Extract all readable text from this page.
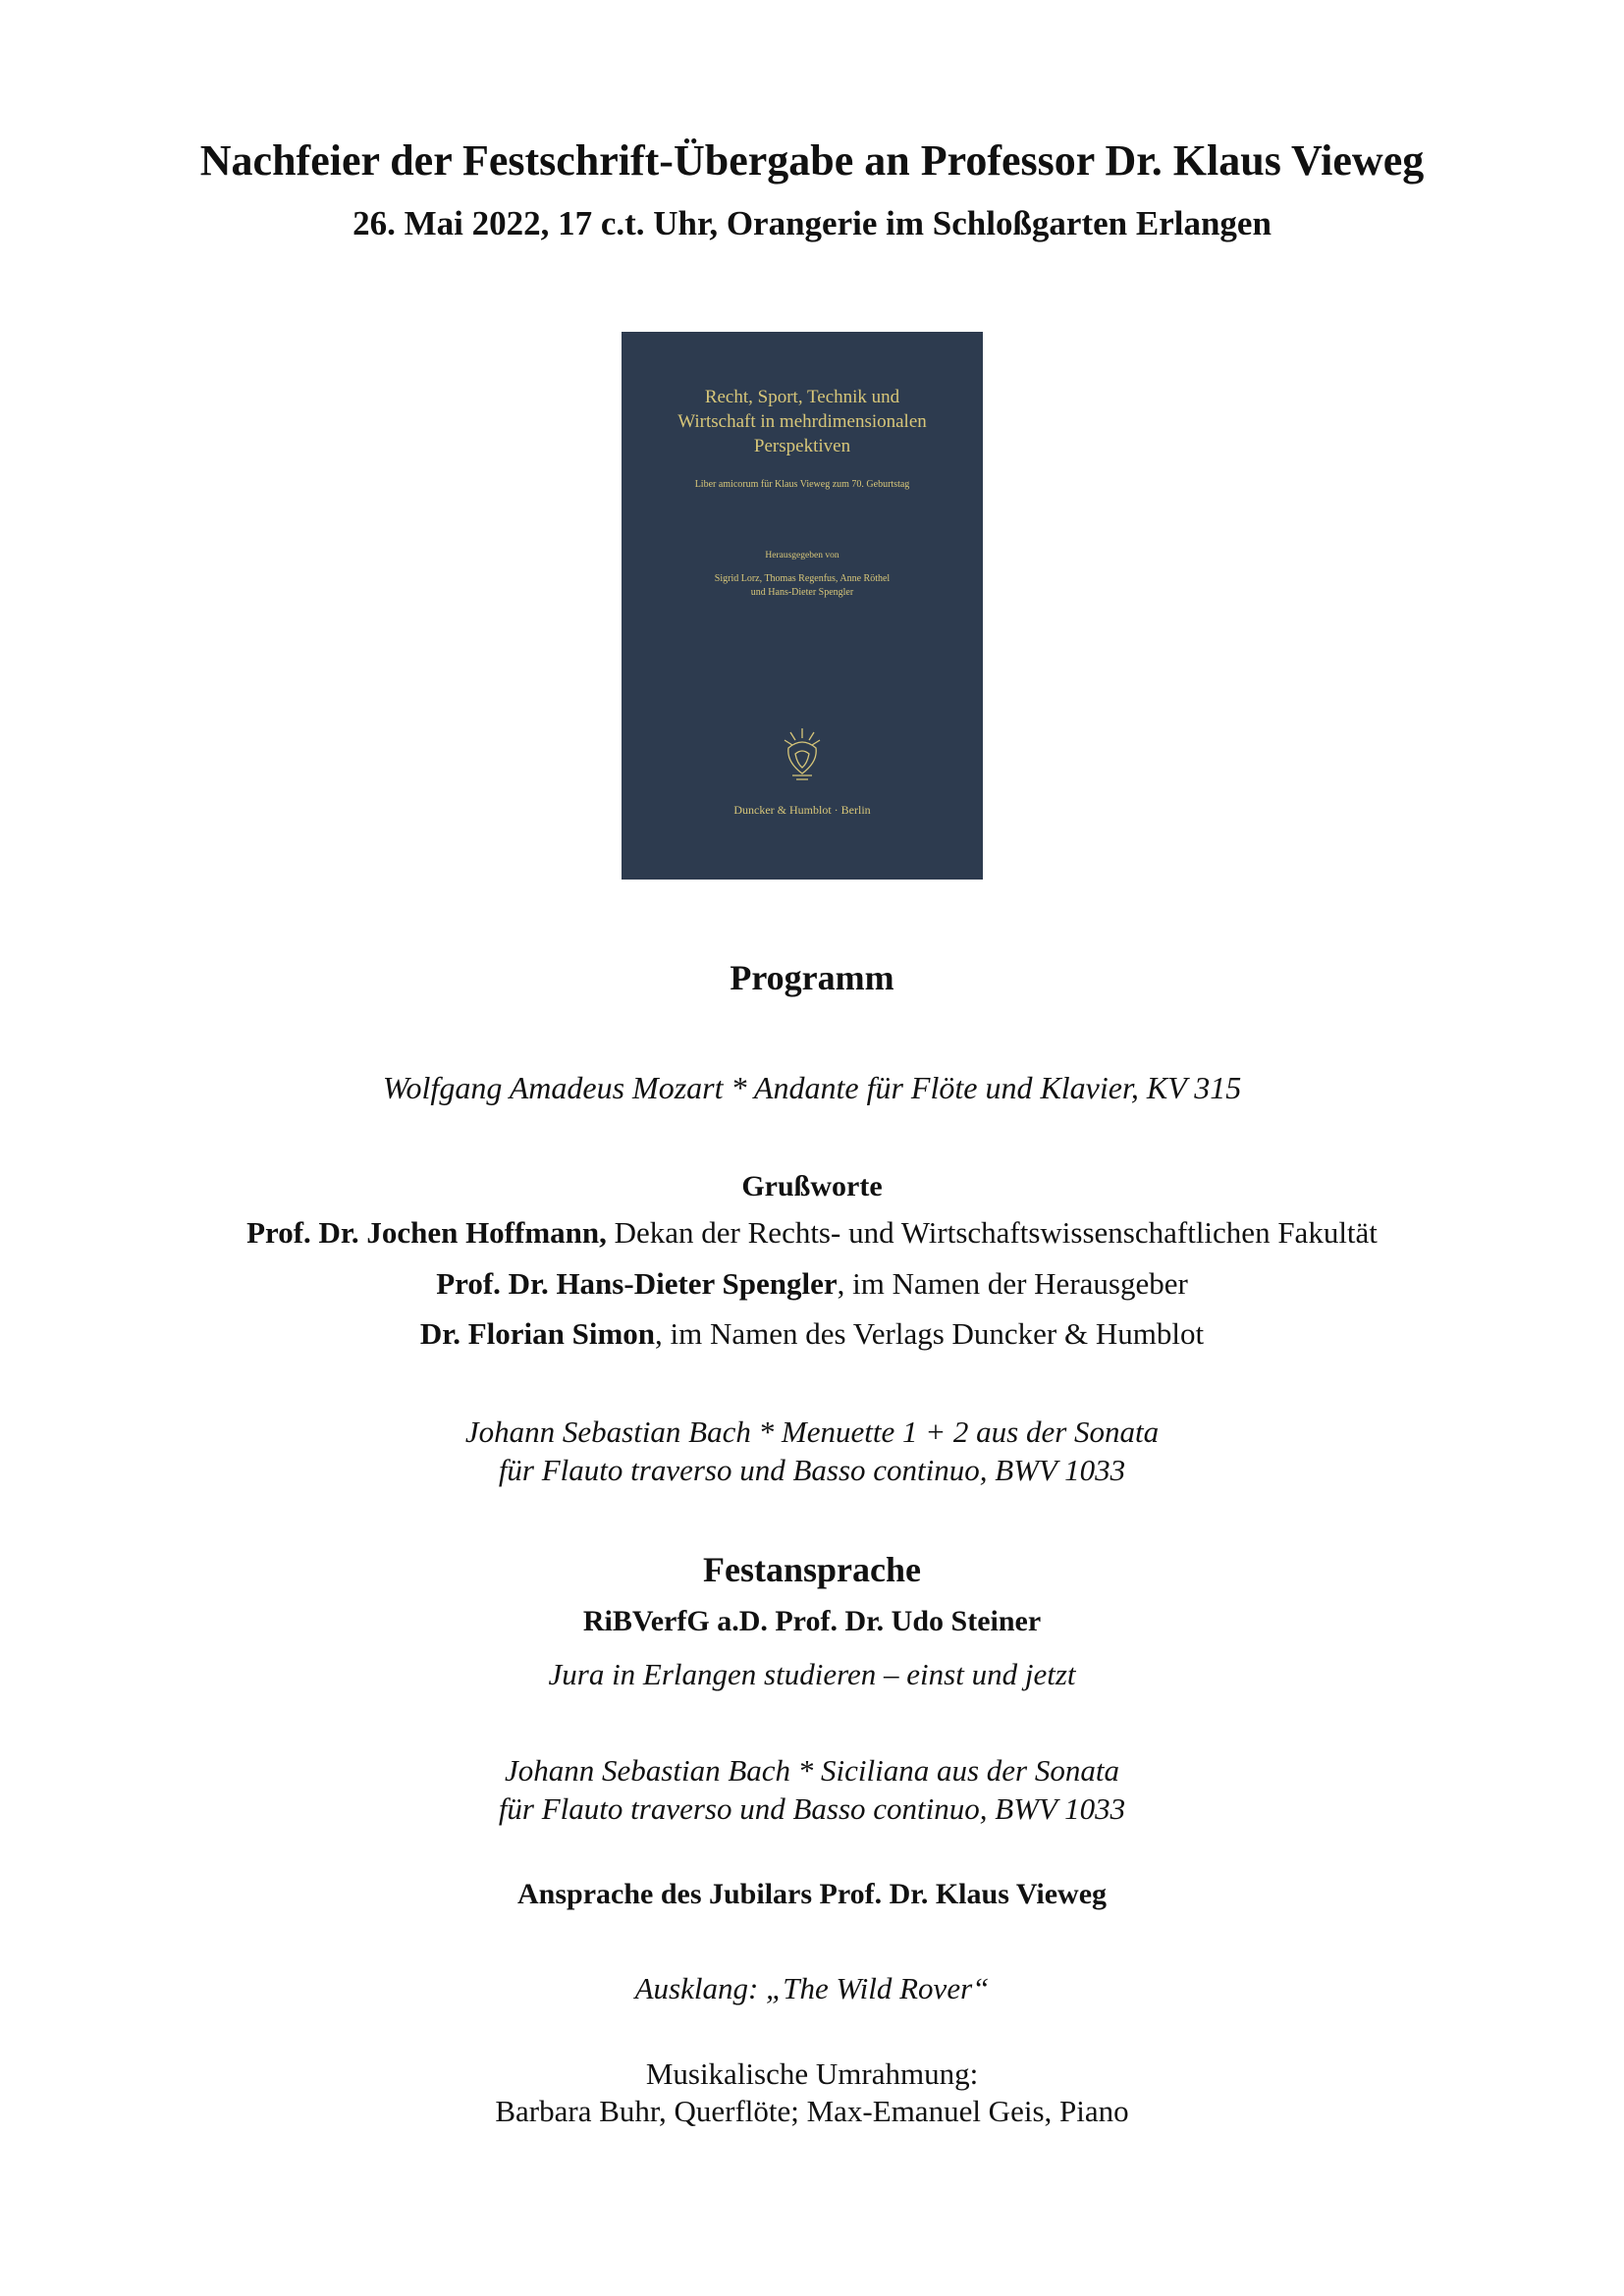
Nachfeier der Festschrift-Übergabe an Professor Dr. Klaus Vieweg

26. Mai 2022, 17 c.t. Uhr, Orangerie im Schloßgarten Erlangen

Recht, Sport, Technik und
Wirtschaft in mehrdimensionalen
Perspektiven
Liber amicorum für Klaus Vieweg zum 70. Geburtstag
Herausgegeben von
Sigrid Lorz, Thomas Regenfus, Anne Röthel
und Hans-Dieter Spengler
Duncker & Humblot · Berlin

Programm

Wolfgang Amadeus Mozart * Andante für Flöte und Klavier, KV 315

Grußworte

Prof. Dr. Jochen Hoffmann, Dekan der Rechts- und Wirtschaftswissenschaftlichen Fakultät

Prof. Dr. Hans-Dieter Spengler, im Namen der Herausgeber

Dr. Florian Simon, im Namen des Verlags Duncker & Humblot

Johann Sebastian Bach * Menuette 1 + 2 aus der Sonata

für Flauto traverso und Basso continuo, BWV 1033

Festansprache

RiBVerfG a.D. Prof. Dr. Udo Steiner

Jura in Erlangen studieren – einst und jetzt

Johann Sebastian Bach * Siciliana aus der Sonata

für Flauto traverso und Basso continuo, BWV 1033

Ansprache des Jubilars Prof. Dr. Klaus Vieweg

Ausklang: „The Wild Rover“

Musikalische Umrahmung:

Barbara Buhr, Querflöte; Max-Emanuel Geis, Piano
